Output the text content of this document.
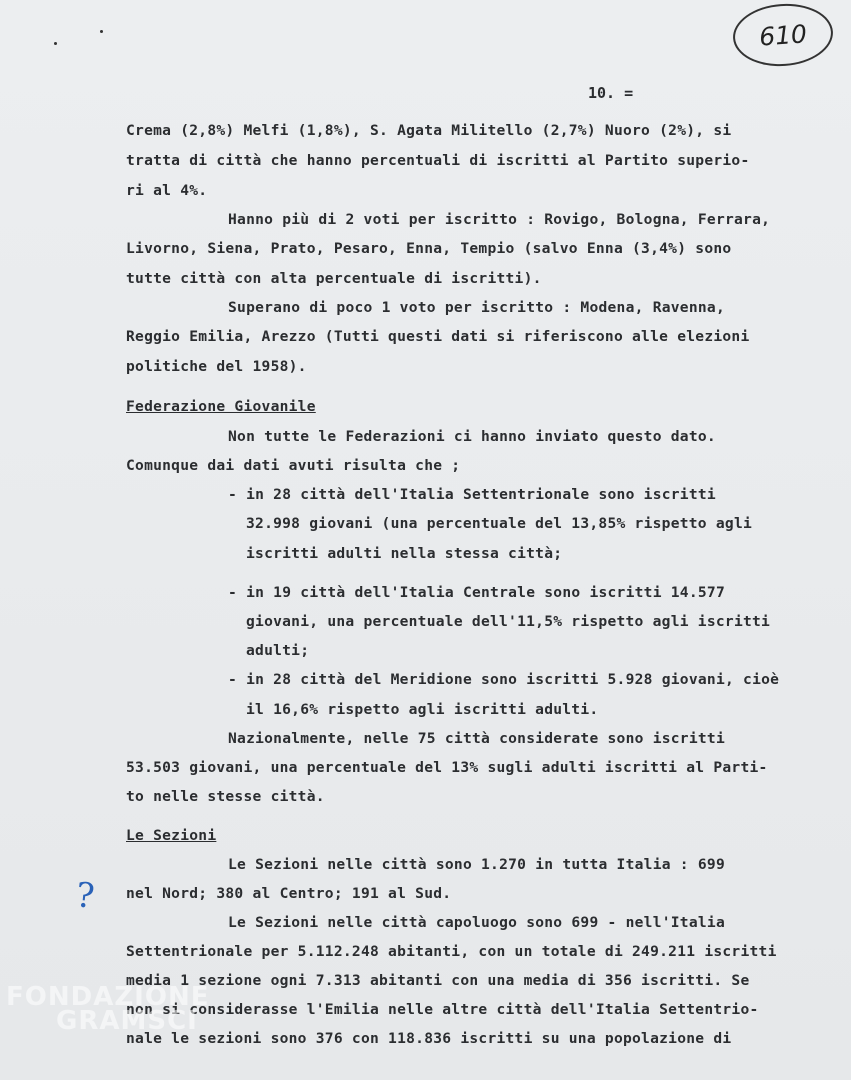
610
10. =
Crema (2,8%) Melfi (1,8%), S. Agata Militello (2,7%) Nuoro (2%), si
tratta di città che hanno percentuali di iscritti al Partito superio-
ri al 4%.
Hanno più di 2 voti per iscritto : Rovigo, Bologna, Ferrara,
Livorno, Siena, Prato, Pesaro, Enna, Tempio (salvo Enna (3,4%) sono
tutte città con alta percentuale di iscritti).
Superano di poco 1 voto per iscritto : Modena, Ravenna,
Reggio Emilia, Arezzo (Tutti questi dati si riferiscono alle elezioni
politiche del 1958).
Federazione Giovanile
Non tutte le Federazioni ci hanno inviato questo dato.
Comunque dai dati avuti risulta che ;
- in 28 città dell'Italia Settentrionale sono iscritti
32.998 giovani (una percentuale del 13,85% rispetto agli
iscritti adulti nella stessa città;
- in 19 città dell'Italia Centrale sono iscritti 14.577
giovani, una percentuale dell'11,5% rispetto agli iscritti
adulti;
- in 28 città del Meridione sono iscritti 5.928 giovani, cioè
il 16,6% rispetto agli iscritti adulti.
Nazionalmente, nelle 75 città considerate sono iscritti
53.503 giovani, una percentuale del 13% sugli adulti iscritti al Parti-
to nelle stesse città.
Le Sezioni
Le Sezioni nelle città sono 1.270 in tutta Italia : 699
nel Nord; 380 al Centro; 191 al Sud.
Le Sezioni nelle città capoluogo sono 699 - nell'Italia
Settentrionale per 5.112.248 abitanti, con un totale di 249.211 iscritti
media 1 sezione ogni 7.313 abitanti con una media di 356 iscritti. Se
non si considerasse l'Emilia nelle altre città dell'Italia Settentrio-
nale le sezioni sono 376 con 118.836 iscritti su una popolazione di
?
FONDAZIONE
GRAMSCI
